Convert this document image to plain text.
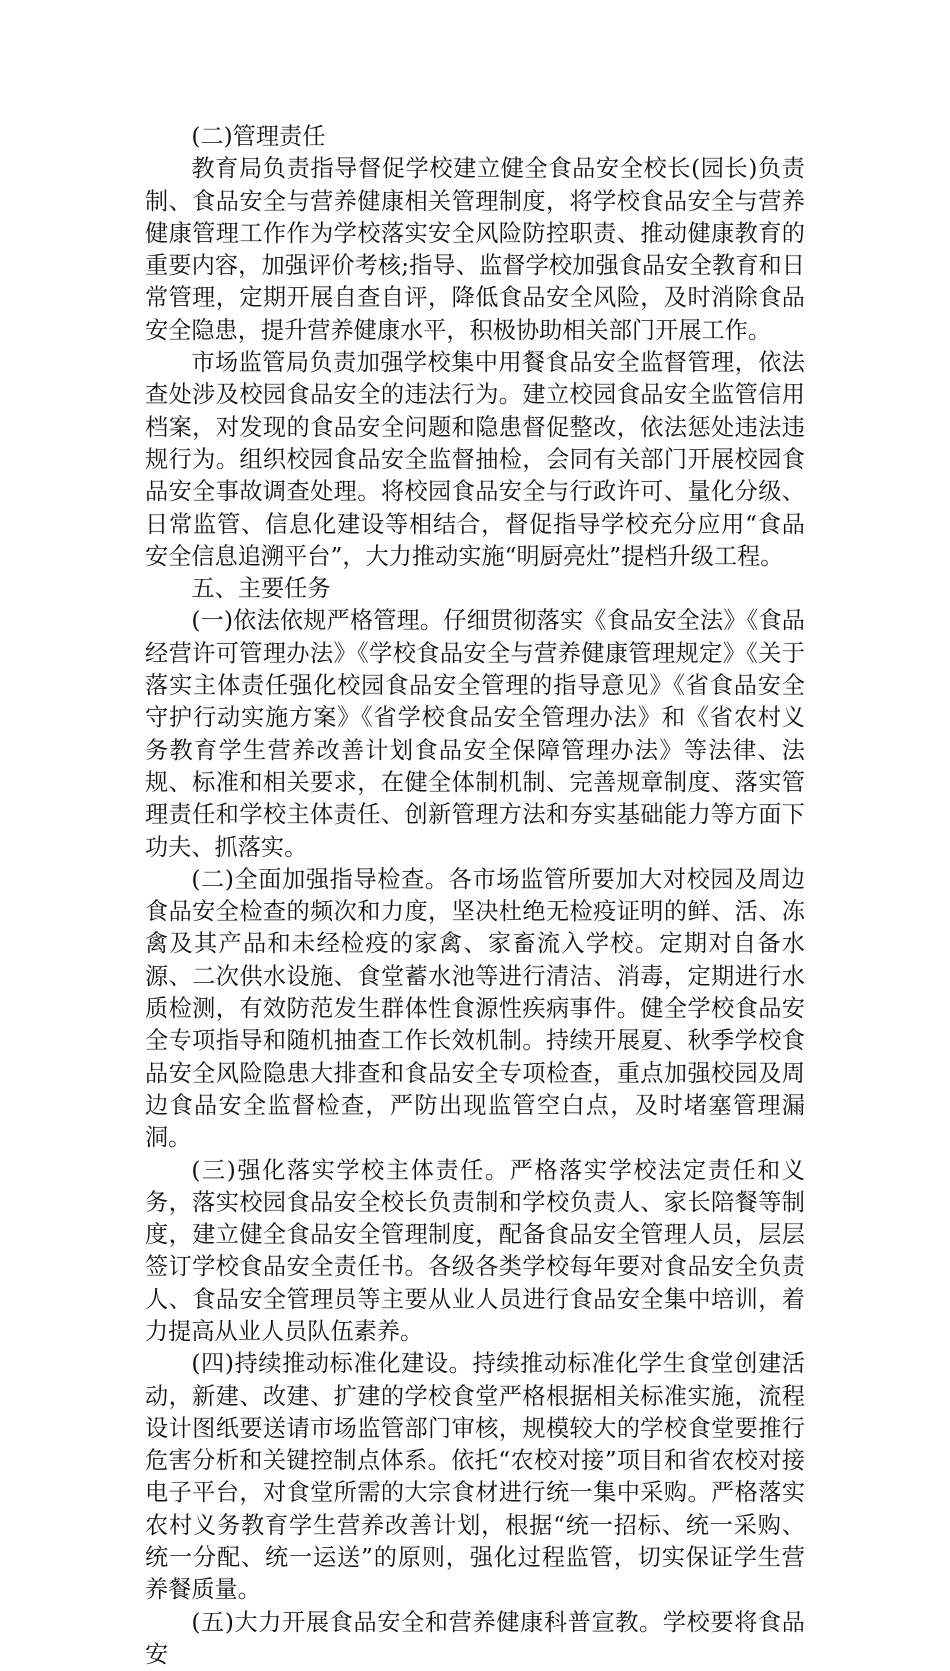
(二)管理责任

教育局负责指导督促学校建立健全食品安全校长(园长)负责制、食品安全与营养健康相关管理制度，将学校食品安全与营养健康管理工作作为学校落实安全风险防控职责、推动健康教育的重要内容，加强评价考核;指导、监督学校加强食品安全教育和日常管理，定期开展自查自评，降低食品安全风险，及时消除食品安全隐患，提升营养健康水平，积极协助相关部门开展工作。

市场监管局负责加强学校集中用餐食品安全监督管理，依法查处涉及校园食品安全的违法行为。建立校园食品安全监管信用档案，对发现的食品安全问题和隐患督促整改，依法惩处违法违规行为。组织校园食品安全监督抽检，会同有关部门开展校园食品安全事故调查处理。将校园食品安全与行政许可、量化分级、日常监管、信息化建设等相结合，督促指导学校充分应用“食品安全信息追溯平台”，大力推动实施“明厨亮灶”提档升级工程。

五、主要任务

(一)依法依规严格管理。仔细贯彻落实《食品安全法》《食品经营许可管理办法》《学校食品安全与营养健康管理规定》《关于落实主体责任强化校园食品安全管理的指导意见》《省食品安全守护行动实施方案》《省学校食品安全管理办法》和《省农村义务教育学生营养改善计划食品安全保障管理办法》等法律、法规、标准和相关要求，在健全体制机制、完善规章制度、落实管理责任和学校主体责任、创新管理方法和夯实基础能力等方面下功夫、抓落实。

(二)全面加强指导检查。各市场监管所要加大对校园及周边食品安全检查的频次和力度，坚决杜绝无检疫证明的鲜、活、冻禽及其产品和未经检疫的家禽、家畜流入学校。定期对自备水源、二次供水设施、食堂蓄水池等进行清洁、消毒，定期进行水质检测，有效防范发生群体性食源性疾病事件。健全学校食品安全专项指导和随机抽查工作长效机制。持续开展夏、秋季学校食品安全风险隐患大排查和食品安全专项检查，重点加强校园及周边食品安全监督检查，严防出现监管空白点，及时堵塞管理漏洞。

(三)强化落实学校主体责任。严格落实学校法定责任和义务，落实校园食品安全校长负责制和学校负责人、家长陪餐等制度，建立健全食品安全管理制度，配备食品安全管理人员，层层签订学校食品安全责任书。各级各类学校每年要对食品安全负责人、食品安全管理员等主要从业人员进行食品安全集中培训，着力提高从业人员队伍素养。

(四)持续推动标准化建设。持续推动标准化学生食堂创建活动，新建、改建、扩建的学校食堂严格根据相关标准实施，流程设计图纸要送请市场监管部门审核，规模较大的学校食堂要推行危害分析和关键控制点体系。依托“农校对接”项目和省农校对接电子平台，对食堂所需的大宗食材进行统一集中采购。严格落实农村义务教育学生营养改善计划，根据“统一招标、统一采购、统一分配、统一运送”的原则，强化过程监管，切实保证学生营养餐质量。

(五)大力开展食品安全和营养健康科普宣教。学校要将食品安
